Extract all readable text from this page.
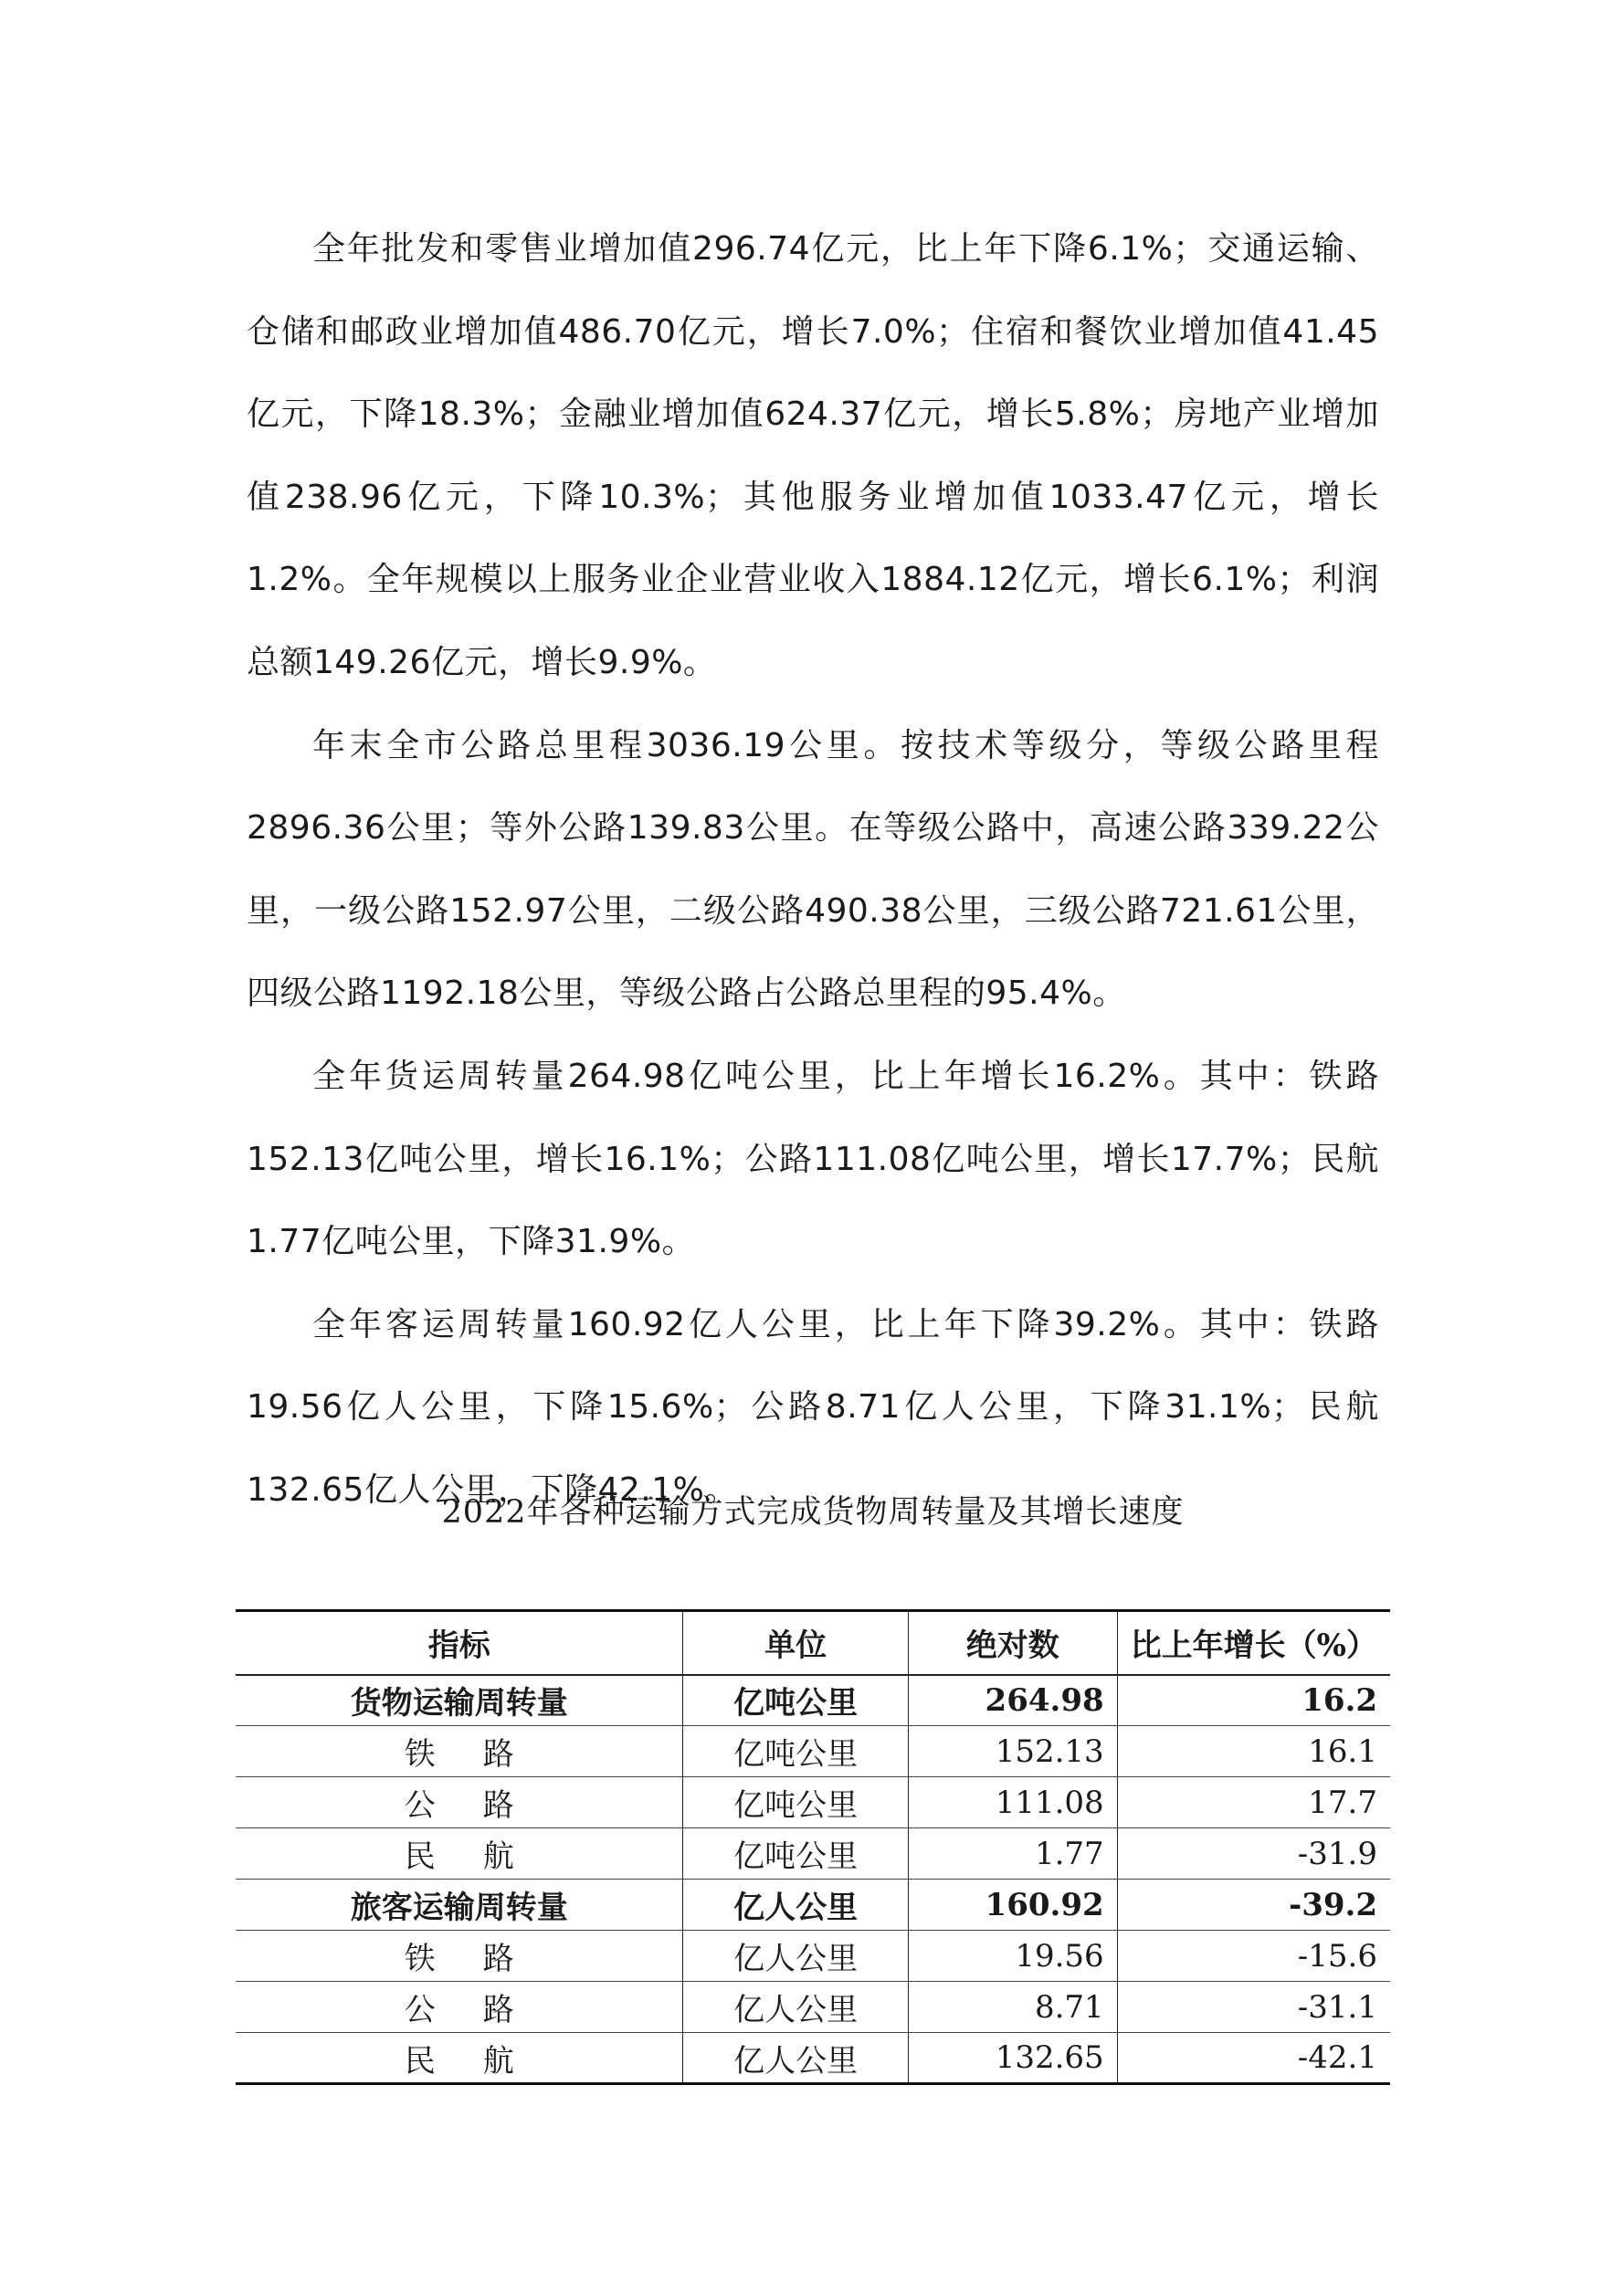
全年批发和零售业增加值296.74亿元，比上年下降6.1%；交通运输、仓储和邮政业增加值486.70亿元，增长7.0%；住宿和餐饮业增加值41.45亿元，下降18.3%；金融业增加值624.37亿元，增长5.8%；房地产业增加值238.96亿元，下降10.3%；其他服务业增加值1033.47亿元，增长1.2%。全年规模以上服务业企业营业收入1884.12亿元，增长6.1%；利润总额149.26亿元，增长9.9%。

年末全市公路总里程3036.19公里。按技术等级分，等级公路里程2896.36公里；等外公路139.83公里。在等级公路中，高速公路339.22公里，一级公路152.97公里，二级公路490.38公里，三级公路721.61公里，四级公路1192.18公里，等级公路占公路总里程的95.4%。

全年货运周转量264.98亿吨公里，比上年增长16.2%。其中：铁路152.13亿吨公里，增长16.1%；公路111.08亿吨公里，增长17.7%；民航1.77亿吨公里，下降31.9%。

全年客运周转量160.92亿人公里，比上年下降39.2%。其中：铁路19.56亿人公里，下降15.6%；公路8.71亿人公里，下降31.1%；民航132.65亿人公里，下降42.1%。

2022年各种运输方式完成货物周转量及其增长速度
指标	单位	绝对数	比上年增长（%）
货物运输周转量	亿吨公里	264.98	16.2
铁路	亿吨公里	152.13	16.1
公路	亿吨公里	111.08	17.7
民航	亿吨公里	1.77	-31.9
旅客运输周转量	亿人公里	160.92	-39.2
铁路	亿人公里	19.56	-15.6
公路	亿人公里	8.71	-31.1
民航	亿人公里	132.65	-42.1
